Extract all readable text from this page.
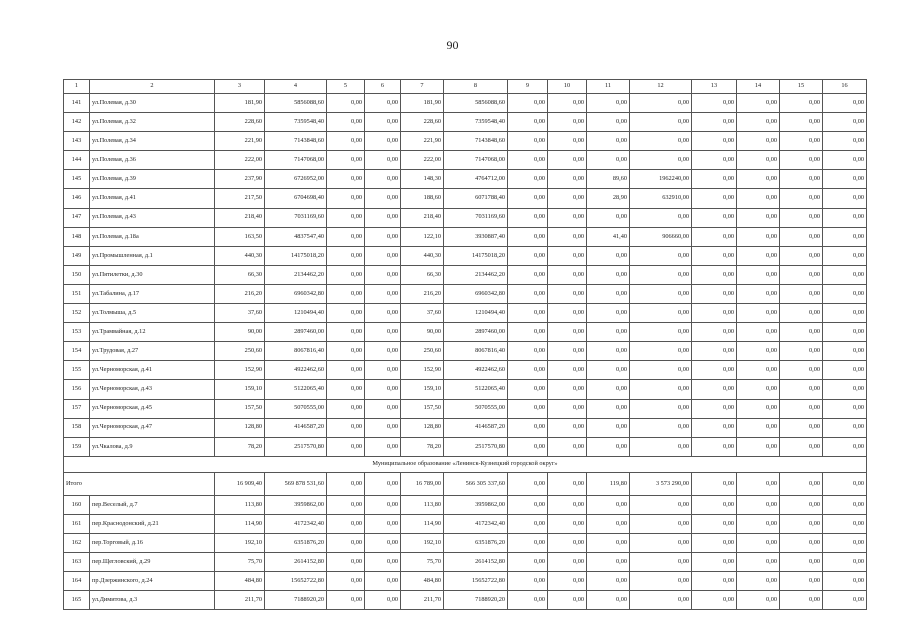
90
1	2	3	4	5	6	7	8	9	10	11	12	13	14	15	16
141	ул.Полевая, д.30	181,90	5856088,60	0,00	0,00	181,90	5856088,60	0,00	0,00	0,00	0,00	0,00	0,00	0,00	0,00
142	ул.Полевая, д.32	228,60	7359548,40	0,00	0,00	228,60	7359548,40	0,00	0,00	0,00	0,00	0,00	0,00	0,00	0,00
143	ул.Полевая, д.34	221,90	7143848,60	0,00	0,00	221,90	7143848,60	0,00	0,00	0,00	0,00	0,00	0,00	0,00	0,00
144	ул.Полевая, д.36	222,00	7147068,00	0,00	0,00	222,00	7147068,00	0,00	0,00	0,00	0,00	0,00	0,00	0,00	0,00
145	ул.Полевая, д.39	237,90	6726952,00	0,00	0,00	148,30	4764712,00	0,00	0,00	89,60	1962240,00	0,00	0,00	0,00	0,00
146	ул.Полевая, д.41	217,50	6704698,40	0,00	0,00	188,60	6071788,40	0,00	0,00	28,90	632910,00	0,00	0,00	0,00	0,00
147	ул.Полевая, д.43	218,40	7031169,60	0,00	0,00	218,40	7031169,60	0,00	0,00	0,00	0,00	0,00	0,00	0,00	0,00
148	ул.Полевая, д.18а	163,50	4837547,40	0,00	0,00	122,10	3930887,40	0,00	0,00	41,40	906660,00	0,00	0,00	0,00	0,00
149	ул.Промышленная, д.1	440,30	14175018,20	0,00	0,00	440,30	14175018,20	0,00	0,00	0,00	0,00	0,00	0,00	0,00	0,00
150	ул.Пятилетки, д.30	66,30	2134462,20	0,00	0,00	66,30	2134462,20	0,00	0,00	0,00	0,00	0,00	0,00	0,00	0,00
151	ул.Табалина, д.17	216,20	6960342,80	0,00	0,00	216,20	6960342,80	0,00	0,00	0,00	0,00	0,00	0,00	0,00	0,00
152	ул.Толмыша, д.5	37,60	1210494,40	0,00	0,00	37,60	1210494,40	0,00	0,00	0,00	0,00	0,00	0,00	0,00	0,00
153	ул.Трамвайная, д.12	90,00	2897460,00	0,00	0,00	90,00	2897460,00	0,00	0,00	0,00	0,00	0,00	0,00	0,00	0,00
154	ул.Трудовая, д.27	250,60	8067816,40	0,00	0,00	250,60	8067816,40	0,00	0,00	0,00	0,00	0,00	0,00	0,00	0,00
155	ул.Черноморская, д.41	152,90	4922462,60	0,00	0,00	152,90	4922462,60	0,00	0,00	0,00	0,00	0,00	0,00	0,00	0,00
156	ул.Черноморская, д.43	159,10	5122065,40	0,00	0,00	159,10	5122065,40	0,00	0,00	0,00	0,00	0,00	0,00	0,00	0,00
157	ул.Черноморская, д.45	157,50	5070555,00	0,00	0,00	157,50	5070555,00	0,00	0,00	0,00	0,00	0,00	0,00	0,00	0,00
158	ул.Черноморская, д.47	128,80	4146587,20	0,00	0,00	128,80	4146587,20	0,00	0,00	0,00	0,00	0,00	0,00	0,00	0,00
159	ул.Чкалова, д.9	78,20	2517570,80	0,00	0,00	78,20	2517570,80	0,00	0,00	0,00	0,00	0,00	0,00	0,00	0,00
Муниципальное образование «Ленинск-Кузнецкий городской округ»															
Итого		16 909,40	569 878 531,60	0,00	0,00	16 789,00	566 305 337,60	0,00	0,00	119,80	3 573 290,00	0,00	0,00	0,00	0,00
160	пер.Веселый, д.7	113,80	3959862,00	0,00	0,00	113,80	3959862,00	0,00	0,00	0,00	0,00	0,00	0,00	0,00	0,00
161	пер.Краснодонский, д.21	114,90	4172342,40	0,00	0,00	114,90	4172342,40	0,00	0,00	0,00	0,00	0,00	0,00	0,00	0,00
162	пер.Торговый, д.16	192,10	6351876,20	0,00	0,00	192,10	6351876,20	0,00	0,00	0,00	0,00	0,00	0,00	0,00	0,00
163	пер.Щегловский, д.29	75,70	2614152,80	0,00	0,00	75,70	2614152,80	0,00	0,00	0,00	0,00	0,00	0,00	0,00	0,00
164	пр.Дзержинского, д.24	484,80	15652722,80	0,00	0,00	484,80	15652722,80	0,00	0,00	0,00	0,00	0,00	0,00	0,00	0,00
165	ул.Димитова, д.3	211,70	7188920,20	0,00	0,00	211,70	7188920,20	0,00	0,00	0,00	0,00	0,00	0,00	0,00	0,00
